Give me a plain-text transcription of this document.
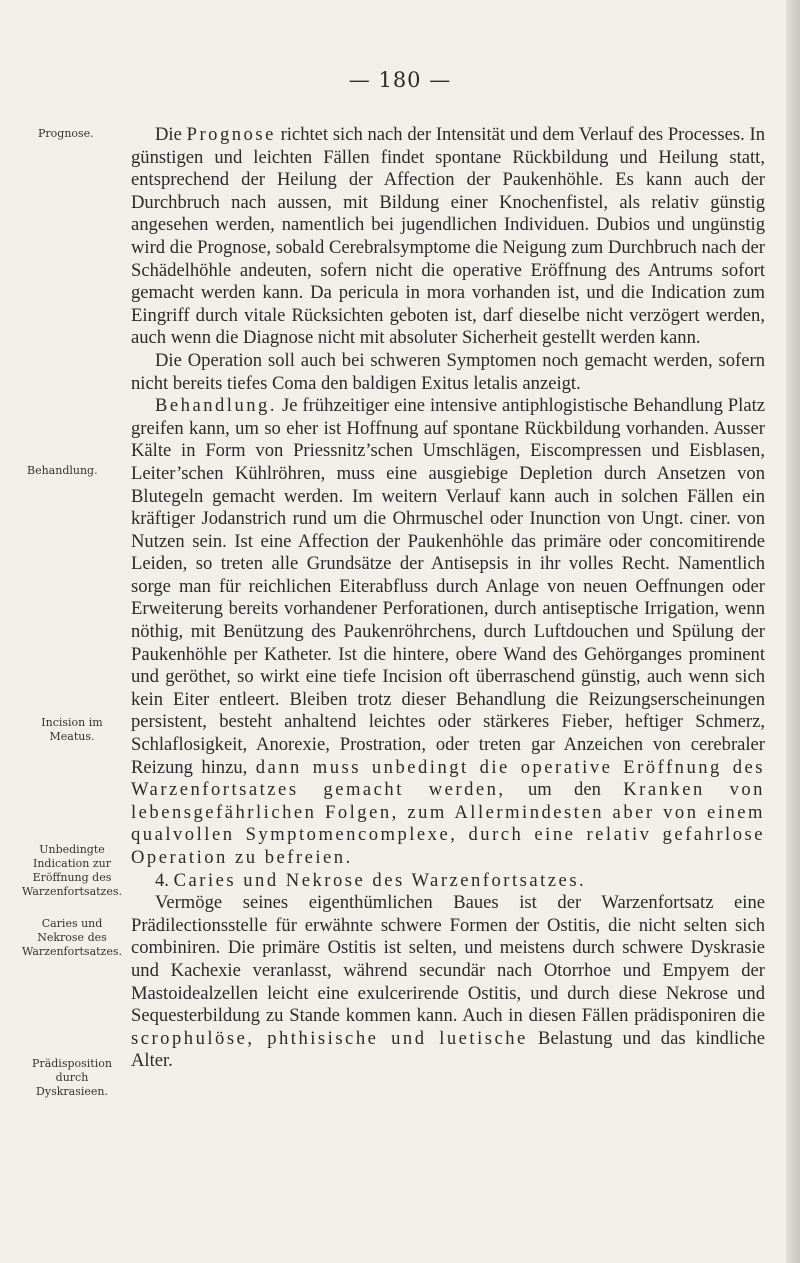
— 180 —
Prognose.
Behandlung.
Incision im Meatus.
Unbedingte Indication zur Eröffnung des Warzenfortsatzes.
Caries und Nekrose des Warzenfortsatzes.
Prädisposition durch Dyskrasieen.

Die Prognose richtet sich nach der Intensität und dem Verlauf des Processes. In günstigen und leichten Fällen findet spontane Rückbildung und Heilung statt, entsprechend der Heilung der Affection der Paukenhöhle. Es kann auch der Durchbruch nach aussen, mit Bildung einer Knochenfistel, als relativ günstig angesehen werden, namentlich bei jugendlichen Individuen. Dubios und ungünstig wird die Prognose, sobald Cerebralsymptome die Neigung zum Durchbruch nach der Schädelhöhle andeuten, sofern nicht die operative Eröffnung des Antrums sofort gemacht werden kann. Da pericula in mora vorhanden ist, und die Indication zum Eingriff durch vitale Rücksichten geboten ist, darf dieselbe nicht verzögert werden, auch wenn die Diagnose nicht mit absoluter Sicherheit gestellt werden kann.

Die Operation soll auch bei schweren Symptomen noch gemacht werden, sofern nicht bereits tiefes Coma den baldigen Exitus letalis anzeigt.

Behandlung. Je frühzeitiger eine intensive antiphlogistische Behandlung Platz greifen kann, um so eher ist Hoffnung auf spontane Rückbildung vorhanden. Ausser Kälte in Form von Priessnitz’schen Umschlägen, Eiscompressen und Eisblasen, Leiter’schen Kühlröhren, muss eine ausgiebige Depletion durch Ansetzen von Blutegeln gemacht werden. Im weitern Verlauf kann auch in solchen Fällen ein kräftiger Jodanstrich rund um die Ohrmuschel oder Inunction von Ungt. ciner. von Nutzen sein. Ist eine Affection der Paukenhöhle das primäre oder concomitirende Leiden, so treten alle Grundsätze der Antisepsis in ihr volles Recht. Namentlich sorge man für reichlichen Eiterabfluss durch Anlage von neuen Oeffnungen oder Erweiterung bereits vorhandener Perforationen, durch antiseptische Irrigation, wenn nöthig, mit Benützung des Paukenröhrchens, durch Luftdouchen und Spülung der Paukenhöhle per Katheter. Ist die hintere, obere Wand des Gehörganges prominent und geröthet, so wirkt eine tiefe Incision oft überraschend günstig, auch wenn sich kein Eiter entleert. Bleiben trotz dieser Behandlung die Reizungserscheinungen persistent, besteht anhaltend leichtes oder stärkeres Fieber, heftiger Schmerz, Schlaflosigkeit, Anorexie, Prostration, oder treten gar Anzeichen von cerebraler Reizung hinzu, dann muss unbedingt die operative Eröffnung des Warzenfortsatzes gemacht werden, um den Kranken von lebensgefährlichen Folgen, zum Allermindesten aber von einem qualvollen Symptomencomplexe, durch eine relativ gefahrlose Operation zu befreien.

4. Caries und Nekrose des Warzenfortsatzes.

Vermöge seines eigenthümlichen Baues ist der Warzenfortsatz eine Prädilectionsstelle für erwähnte schwere Formen der Ostitis, die nicht selten sich combiniren. Die primäre Ostitis ist selten, und meistens durch schwere Dyskrasie und Kachexie veranlasst, während secundär nach Otorrhoe und Empyem der Mastoidealzellen leicht eine exulcerirende Ostitis, und durch diese Nekrose und Sequesterbildung zu Stande kommen kann. Auch in diesen Fällen prädisponiren die scrophulöse, phthisische und luetische Belastung und das kindliche Alter.
